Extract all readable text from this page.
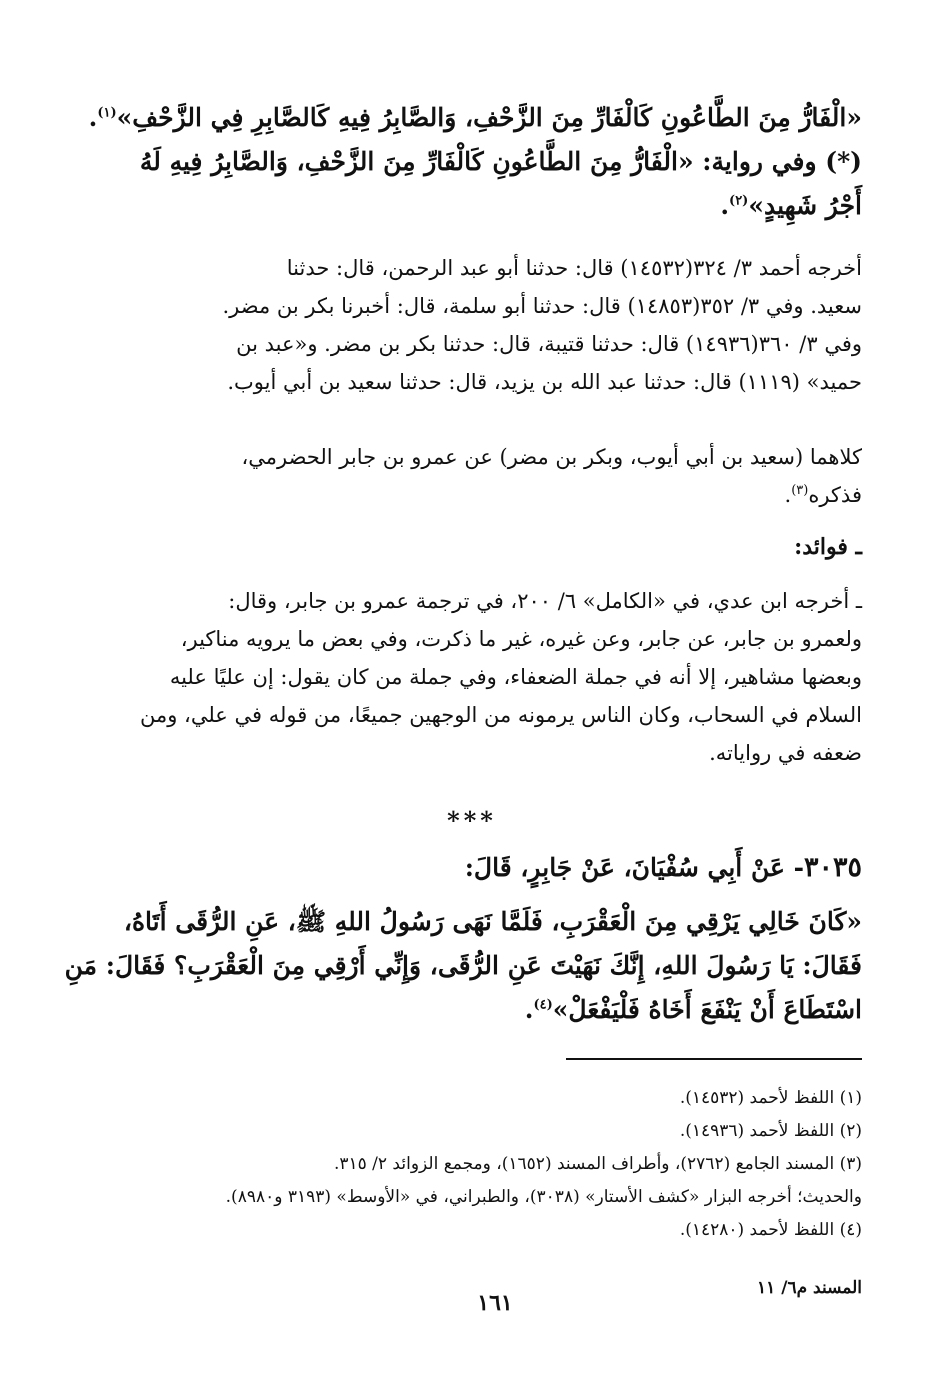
«الْفَارُّ مِنَ الطَّاعُونِ كَالْفَارِّ مِنَ الزَّحْفِ، وَالصَّابِرُ فِيهِ كَالصَّابِرِ فِي الزَّحْفِ»$^{(١)}$.
(*) وفي رواية: «الْفَارُّ مِنَ الطَّاعُونِ كَالْفَارِّ مِنَ الزَّحْفِ، وَالصَّابِرُ فِيهِ لَهُ
أَجْرُ شَهِيدٍ»$^{(٢)}$.
أخرجه أحمد ٣/ ٣٢٤(١٤٥٣٢) قال: حدثنا أبو عبد الرحمن، قال: حدثنا
سعيد. وفي ٣/ ٣٥٢(١٤٨٥٣) قال: حدثنا أبو سلمة، قال: أخبرنا بكر بن مضر.
وفي ٣/ ٣٦٠(١٤٩٣٦) قال: حدثنا قتيبة، قال: حدثنا بكر بن مضر. و«عبد بن
حميد» (١١١٩) قال: حدثنا عبد الله بن يزيد، قال: حدثنا سعيد بن أبي أيوب.
كلاهما (سعيد بن أبي أيوب، وبكر بن مضر) عن عمرو بن جابر الحضرمي،
فذكره$^{(٣)}$.
ـ فوائد:
ـ أخرجه ابن عدي، في «الكامل» ٦/ ٢٠٠، في ترجمة عمرو بن جابر، وقال:
ولعمرو بن جابر، عن جابر، وعن غيره، غير ما ذكرت، وفي بعض ما يرويه مناكير،
وبعضها مشاهير، إلا أنه في جملة الضعفاء، وفي جملة من كان يقول: إن عليًا عليه
السلام في السحاب، وكان الناس يرمونه من الوجهين جميعًا، من قوله في علي، ومن
ضعفه في رواياته.
***
٣٠٣٥- عَنْ أَبِي سُفْيَانَ، عَنْ جَابِرٍ، قَالَ:
«كَانَ خَالِي يَرْقِي مِنَ الْعَقْرَبِ، فَلَمَّا نَهَى رَسُولُ اللهِ ﷺ، عَنِ الرُّقَى أَتَاهُ،
فَقَالَ: يَا رَسُولَ اللهِ، إِنَّكَ نَهَيْتَ عَنِ الرُّقَى، وَإِنِّي أَرْقِي مِنَ الْعَقْرَبِ؟ فَقَالَ: مَنِ
اسْتَطَاعَ أَنْ يَنْفَعَ أَخَاهُ فَلْيَفْعَلْ»$^{(٤)}$.
(١) اللفظ لأحمد (١٤٥٣٢).
(٢) اللفظ لأحمد (١٤٩٣٦).
(٣) المسند الجامع (٢٧٦٢)، وأطراف المسند (١٦٥٢)، ومجمع الزوائد ٢/ ٣١٥.
والحديث؛ أخرجه البزار «كشف الأستار» (٣٠٣٨)، والطبراني، في «الأوسط» (٣١٩٣ و٨٩٨٠).
(٤) اللفظ لأحمد (١٤٢٨٠).
المسند م٦/ ١١
١٦١
